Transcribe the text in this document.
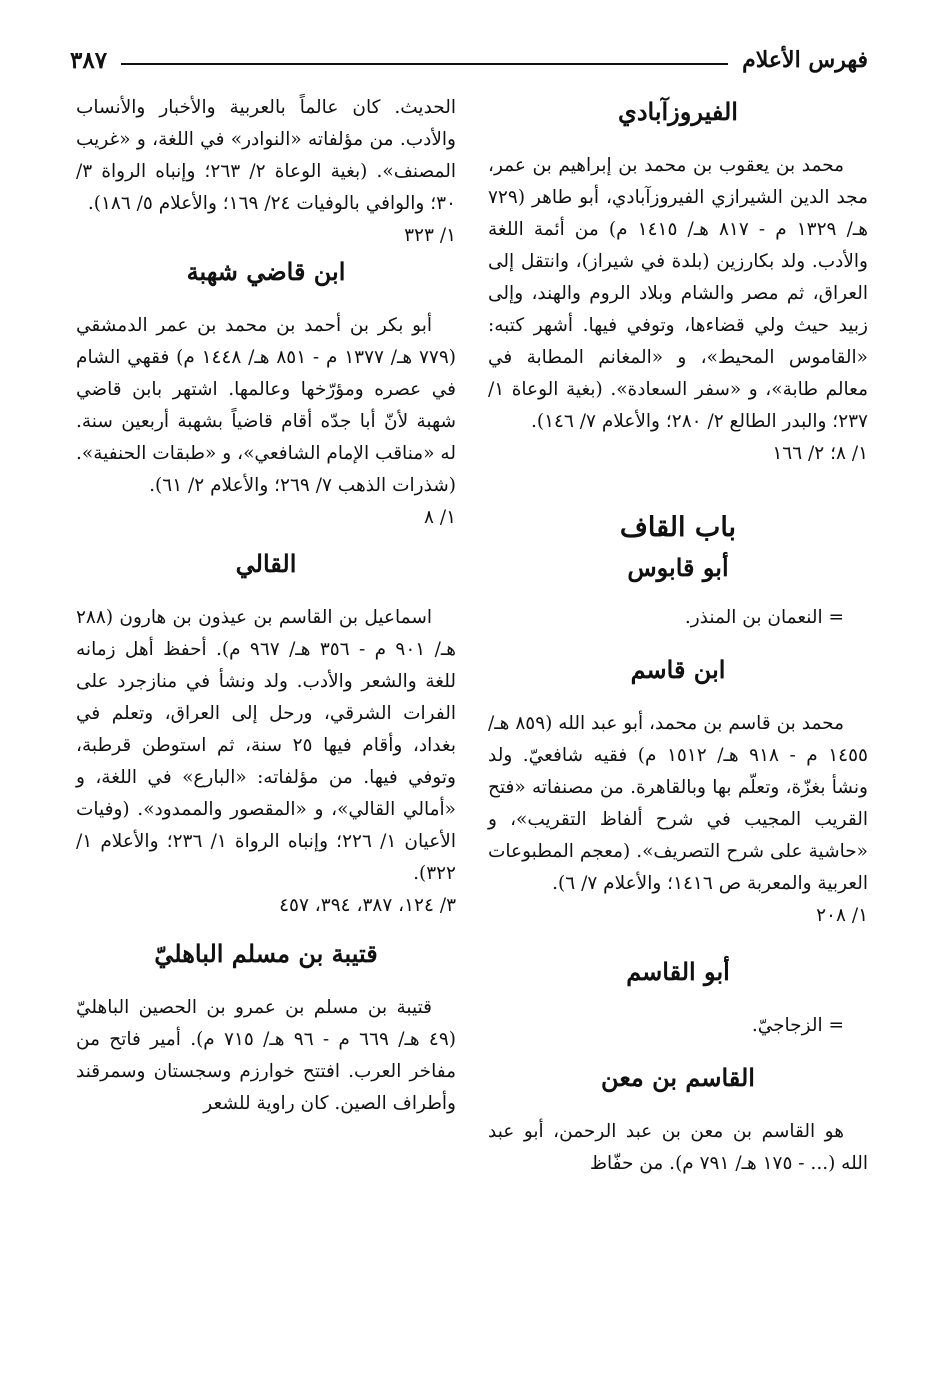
فهرس الأعلام
٣٨٧
الفيروزآبادي

محمد بن يعقوب بن محمد بن إبراهيم بن عمر، مجد الدين الشيرازي الفيروزآبادي، أبو طاهر (٧٢٩ هـ/ ١٣٢٩ م - ٨١٧ هـ/ ١٤١٥ م) من أئمة اللغة والأدب. ولد بكارزين (بلدة في شيراز)، وانتقل إلى العراق، ثم مصر والشام وبلاد الروم والهند، وإلى زبيد حيث ولي قضاءها، وتوفي فيها. أشهر كتبه: «القاموس المحيط»، و «المغانم المطابة في معالم طابة»، و «سفر السعادة». (بغية الوعاة ١/ ٢٣٧؛ والبدر الطالع ٢/ ٢٨٠؛ والأعلام ٧/ ١٤٦).

١/ ٨؛ ٢/ ١٦٦

باب القاف
أبو قابوس

= النعمان بن المنذر.

ابن قاسم

محمد بن قاسم بن محمد، أبو عبد الله (٨٥٩ هـ/ ١٤٥٥ م - ٩١٨ هـ/ ١٥١٢ م) فقيه شافعيّ. ولد ونشأ بغزّة، وتعلّم بها وبالقاهرة. من مصنفاته «فتح القريب المجيب في شرح ألفاظ التقريب»، و «حاشية على شرح التصريف». (معجم المطبوعات العربية والمعربة ص ١٤١٦؛ والأعلام ٧/ ٦).

١/ ٢٠٨

أبو القاسم

= الزجاجيّ.

القاسم بن معن

هو القاسم بن معن بن عبد الرحمن، أبو عبد الله (... - ١٧٥ هـ/ ٧٩١ م). من حفّاظ

الحديث. كان عالماً بالعربية والأخبار والأنساب والأدب. من مؤلفاته «النوادر» في اللغة، و «غريب المصنف». (بغية الوعاة ٢/ ٢٦٣؛ وإنباه الرواة ٣/ ٣٠؛ والوافي بالوفيات ٢٤/ ١٦٩؛ والأعلام ٥/ ١٨٦).

١/ ٣٢٣

ابن قاضي شهبة

أبو بكر بن أحمد بن محمد بن عمر الدمشقي (٧٧٩ هـ/ ١٣٧٧ م - ٨٥١ هـ/ ١٤٤٨ م) فقهي الشام في عصره ومؤرّخها وعالمها. اشتهر بابن قاضي شهبة لأنّ أبا جدّه أقام قاضياً بشهبة أربعين سنة. له «مناقب الإمام الشافعي»، و «طبقات الحنفية». (شذرات الذهب ٧/ ٢٦٩؛ والأعلام ٢/ ٦١).

١/ ٨

القالي

اسماعيل بن القاسم بن عيذون بن هارون (٢٨٨ هـ/ ٩٠١ م - ٣٥٦ هـ/ ٩٦٧ م). أحفظ أهل زمانه للغة والشعر والأدب. ولد ونشأ في منازجرد على الفرات الشرقي، ورحل إلى العراق، وتعلم في بغداد، وأقام فيها ٢٥ سنة، ثم استوطن قرطبة، وتوفي فيها. من مؤلفاته: «البارع» في اللغة، و «أمالي القالي»، و «المقصور والممدود». (وفيات الأعيان ١/ ٢٢٦؛ وإنباه الرواة ١/ ٢٣٦؛ والأعلام ١/ ٣٢٢).

٣/ ١٢٤، ٣٨٧، ٣٩٤، ٤٥٧

قتيبة بن مسلم الباهليّ

قتيبة بن مسلم بن عمرو بن الحصين الباهليّ (٤٩ هـ/ ٦٦٩ م - ٩٦ هـ/ ٧١٥ م). أمير فاتح من مفاخر العرب. افتتح خوارزم وسجستان وسمرقند وأطراف الصين. كان راوية للشعر
